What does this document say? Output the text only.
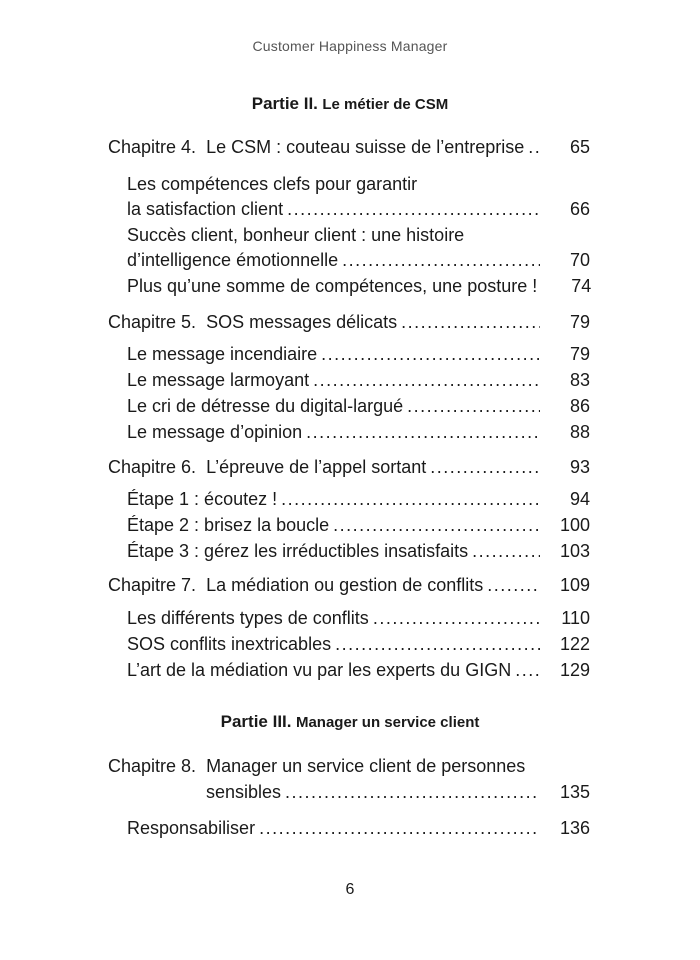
Customer Happiness Manager
Partie II. Le métier de CSM
Chapitre 4. Le CSM : couteau suisse de l’entreprise .....	65
Les compétences clefs pour garantir
la satisfaction client .....	66
Succès client, bonheur client : une histoire
d’intelligence émotionnelle .....	70
Plus qu’une somme de compétences, une posture !	74
Chapitre 5. SOS messages délicats .....	79
Le message incendiaire .....	79
Le message larmoyant .....	83
Le cri de détresse du digital-largué .....	86
Le message d’opinion .....	88
Chapitre 6. L’épreuve de l’appel sortant .....	93
Étape 1 : écoutez ! .....	94
Étape 2 : brisez la boucle .....	100
Étape 3 : gérez les irréductibles insatisfaits .....	103
Chapitre 7. La médiation ou gestion de conflits .....	109
Les différents types de conflits .....	110
SOS conflits inextricables .....	122
L’art de la médiation vu par les experts du GIGN .....	129
Partie III. Manager un service client
Chapitre 8. Manager un service client de personnes
sensibles .....	135
Responsabiliser .....	136
6
